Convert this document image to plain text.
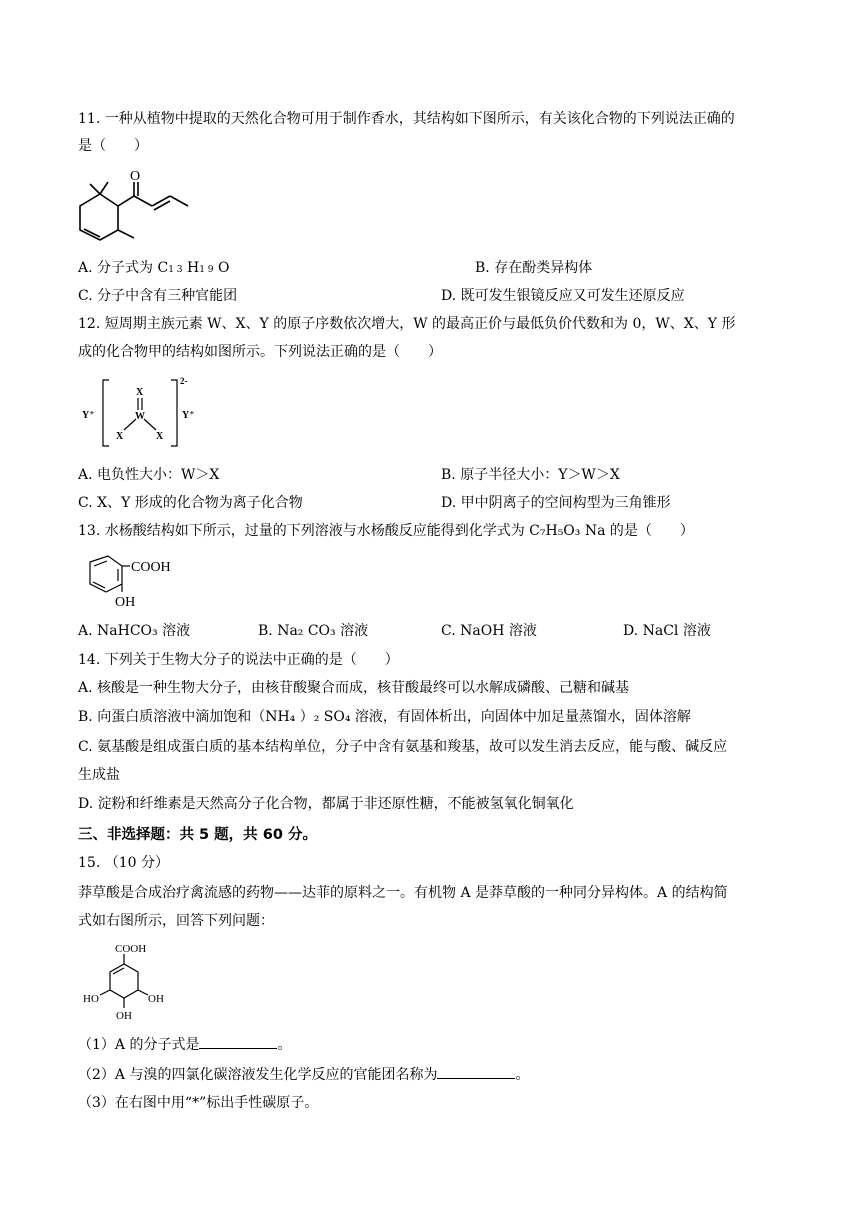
11. 一种从植物中提取的天然化合物可用于制作香水，其结构如下图所示，有关该化合物的下列说法正确的
是（　　）
O
A. 分子式为 C1 3 H1 9 O	B. 存在酚类异构体
C. 分子中含有三种官能团	D. 既可发生银镜反应又可发生还原反应
12. 短周期主族元素 W、X、Y 的原子序数依次增大，W 的最高正价与最低负价代数和为 0，W、X、Y 形
成的化合物甲的结构如图所示。下列说法正确的是（　　）
Y⁺	Y⁺
2-
X
W
X	X
A. 电负性大小：W＞X	B. 原子半径大小：Y＞W＞X
C. X、Y 形成的化合物为离子化合物	D. 甲中阴离子的空间构型为三角锥形
13. 水杨酸结构如下所示，过量的下列溶液与水杨酸反应能得到化学式为 C₇H₅O₃ Na 的是（　　）
COOH
OH
A. NaHCO₃ 溶液	B. Na₂ CO₃ 溶液	C. NaOH 溶液	D. NaCl 溶液
14. 下列关于生物大分子的说法中正确的是（　　）
A. 核酸是一种生物大分子，由核苷酸聚合而成，核苷酸最终可以水解成磷酸、己糖和碱基
B. 向蛋白质溶液中滴加饱和（NH₄ ）₂ SO₄ 溶液，有固体析出，向固体中加足量蒸馏水，固体溶解
C. 氨基酸是组成蛋白质的基本结构单位，分子中含有氨基和羧基，故可以发生消去反应，能与酸、碱反应
生成盐
D. 淀粉和纤维素是天然高分子化合物，都属于非还原性糖，不能被氢氧化铜氧化
三、非选择题：共 5 题，共 60 分。
15. （10 分）
莽草酸是合成治疗禽流感的药物——达菲的原料之一。有机物 A 是莽草酸的一种同分异构体。A 的结构简
式如右图所示，回答下列问题：
COOH
HO	OH
OH
（1）A 的分子式是	。
（2）A 与溴的四氯化碳溶液发生化学反应的官能团名称为	。
（3）在右图中用“*”标出手性碳原子。
